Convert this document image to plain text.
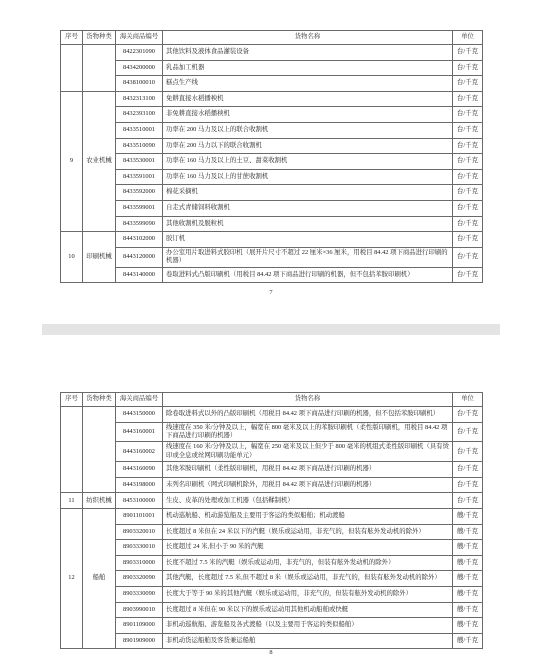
序号	货物种类	海关商品编号	货物名称	单位
		8422301090	其他饮料及液体食品灌装设备	台/千克
		8434200000	乳品加工机器	台/千克
		8438100010	糕点生产线	台/千克
9	农业机械	8432313100	免耕直接水稻播秧机	台/千克
		8432393100	非免耕直接水稻播秧机	台/千克
		8433510001	功率在 200 马力及以上的联合收割机	台/千克
		8433510090	功率在 200 马力以下的联合收割机	台/千克
		8433530001	功率在 160 马力及以上的土豆、甜菜收割机	台/千克
		8433591001	功率在 160 马力及以上的甘蔗收割机	台/千克
		8433592000	棉花采摘机	台/千克
		8433599001	自走式青储饲料收割机	台/千克
		8433599090	其他收割机及脱粒机	台/千克
10	印刷机械	8443102000	胶订机	台/千克
		8443120000	办公室用片取进料式胶印机（展开片尺寸不超过 22 厘米×36 厘米，用税目 84.42 项下商品进行印刷的机器）	台/千克
		8443140000	卷取进料式凸版印刷机（用税目 84.42 项下商品进行印刷的机器，但不包括苯胺印刷机）	台/千克
7
序号	货物种类	海关商品编号	货物名称	单位
		8443150000	除卷取进料式以外的凸版印刷机（用税目 84.42 项下商品进行印刷的机器，但不包括苯胺印刷机）	台/千克
		8443160001	线速度在 350 米/分钟及以上，幅宽在 800 毫米及以上的苯胺印刷机（柔性版印刷机，用税目 84.42 项下商品进行印刷的机器）	台/千克
		8443160002	线速度在 160 米/分钟及以上，幅宽在 250 毫米及以上但少于 800 毫米的机组式柔性版印刷机（具有烫印或全息或丝网印刷功能单元）	台/千克
		8443160090	其他苯胺印刷机（柔性版印刷机，用税目 84.42 项下商品进行印刷的机器）	台/千克
		8443198000	未列名印刷机（网式印刷机除外，用税目 84.42 项下商品进行印刷的机器）	台/千克
11	纺织机械	8453100000	生皮、皮革的处理或加工机器（包括鞣制机）	台/千克
12	船舶	8901101001	机动巡航船、机动游览船及主要用于客运的类似船舶；机动渡船	艘/千克
		8903320010	长度超过 8 米但在 24 米以下的汽艇（娱乐或运动用，非充气的，但装有舷外发动机的除外）	艘/千克
		8903330010	长度超过 24 米,但小于 90 米的汽艇	艘/千克
		8903310000	长度不超过 7.5 米的汽艇（娱乐或运动用，非充气的，但装有舷外发动机的除外）	艘/千克
		8903320090	其他汽艇，长度超过 7.5 米,但不超过 8 米（娱乐或运动用，非充气的，但装有舷外发动机的除外）	艘/千克
		8903330090	长度大于等于 90 米的其他汽艇（娱乐或运动用，非充气的，但装有舷外发动机的除外）	艘/千克
		8903990010	长度超过 8 米但在 90 米以下的娱乐或运动用其他机动船舶或快艇	艘/千克
		8901109000	非机动巡航船、游览船及各式渡船（以及主要用于客运的类似船舶）	艘/千克
		8901909000	非机动货运船舶及客货兼运船舶	艘/千克
8
